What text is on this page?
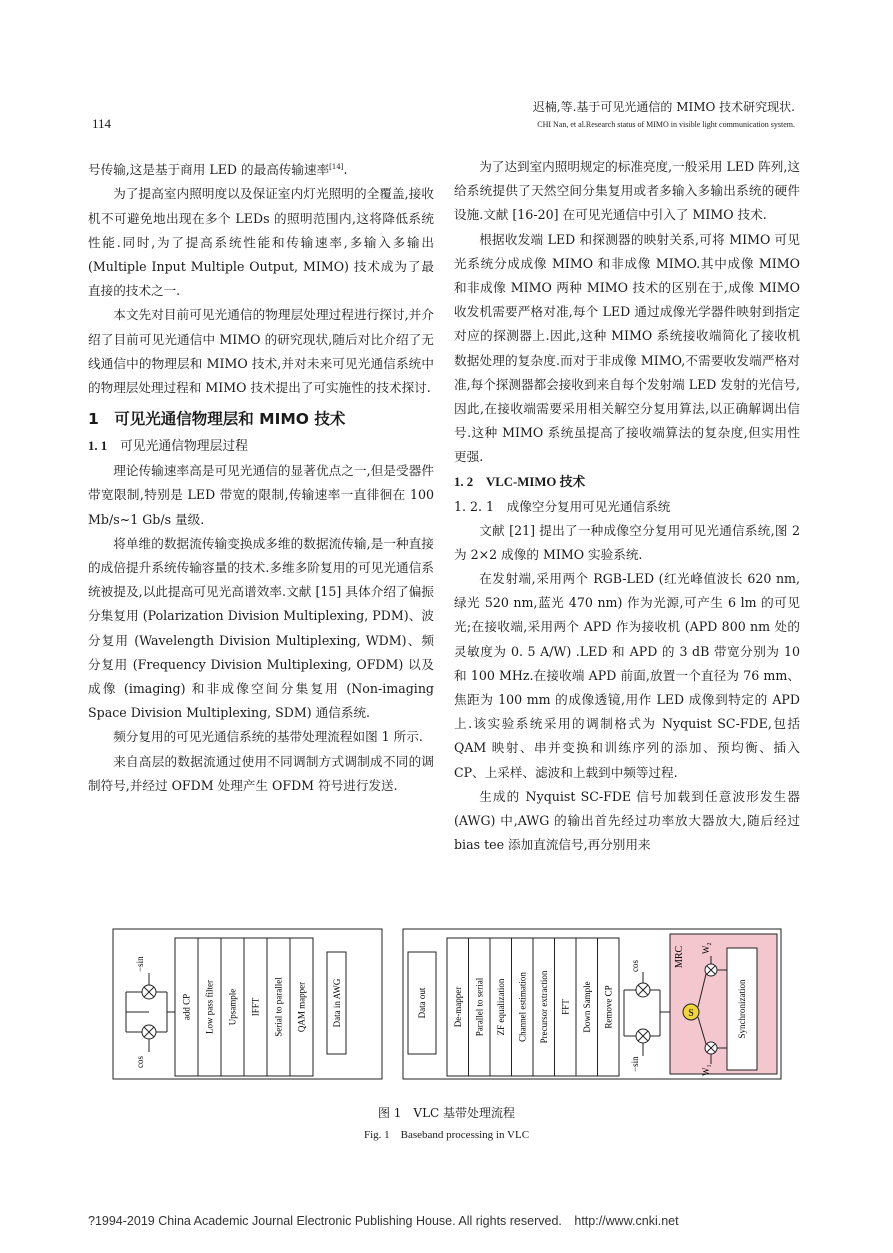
114
迟楠,等.基于可见光通信的 MIMO 技术研究现状.
CHI Nan, et al.Research status of MIMO in visible light communication system.

号传输,这是基于商用 LED 的最高传输速率[14].

为了提高室内照明度以及保证室内灯光照明的全覆盖,接收机不可避免地出现在多个 LEDs 的照明范围内,这将降低系统性能.同时,为了提高系统性能和传输速率,多输入多输出 (Multiple Input Multiple Output, MIMO) 技术成为了最直接的技术之一.

本文先对目前可见光通信的物理层处理过程进行探讨,并介绍了目前可见光通信中 MIMO 的研究现状,随后对比介绍了无线通信中的物理层和 MIMO 技术,并对未来可见光通信系统中的物理层处理过程和 MIMO 技术提出了可实施性的技术探讨.

1　可见光通信物理层和 MIMO 技术
1. 1　 可见光通信物理层过程

理论传输速率高是可见光通信的显著优点之一,但是受器件带宽限制,特别是 LED 带宽的限制,传输速率一直徘徊在 100 Mb/s~1 Gb/s 量级.

将单维的数据流传输变换成多维的数据流传输,是一种直接的成倍提升系统传输容量的技术.多维多阶复用的可见光通信系统被提及,以此提高可见光高谱效率.文献 [15] 具体介绍了偏振分集复用 (Polarization Division Multiplexing, PDM)、波分复用 (Wavelength Division Multiplexing, WDM)、频分复用 (Frequency Division Multiplexing, OFDM) 以及成像 (imaging) 和非成像空间分集复用 (Non-imaging Space Division Multiplexing, SDM) 通信系统.

频分复用的可见光通信系统的基带处理流程如图 1 所示.

来自高层的数据流通过使用不同调制方式调制成不同的调制符号,并经过 OFDM 处理产生 OFDM 符号进行发送.

为了达到室内照明规定的标准亮度,一般采用 LED 阵列,这给系统提供了天然空间分集复用或者多输入多输出系统的硬件设施.文献 [16-20] 在可见光通信中引入了 MIMO 技术.

根据收发端 LED 和探测器的映射关系,可将 MIMO 可见光系统分成成像 MIMO 和非成像 MIMO.其中成像 MIMO 和非成像 MIMO 两种 MIMO 技术的区别在于,成像 MIMO 收发机需要严格对准,每个 LED 通过成像光学器件映射到指定对应的探测器上.因此,这种 MIMO 系统接收端简化了接收机数据处理的复杂度.而对于非成像 MIMO,不需要收发端严格对准,每个探测器都会接收到来自每个发射端 LED 发射的光信号,因此,在接收端需要采用相关解空分复用算法,以正确解调出信号.这种 MIMO 系统虽提高了接收端算法的复杂度,但实用性更强.

1. 2　 VLC-MIMO 技术
1. 2. 1　 成像空分复用可见光通信系统

文献 [21] 提出了一种成像空分复用可见光通信系统,图 2 为 2×2 成像的 MIMO 实验系统.

在发射端,采用两个 RGB-LED (红光峰值波长 620 nm,绿光 520 nm,蓝光 470 nm) 作为光源,可产生 6 lm 的可见光;在接收端,采用两个 APD 作为接收机 (APD 800 nm 处的灵敏度为 0. 5 A/W) .LED 和 APD 的 3 dB 带宽分别为 10 和 100 MHz.在接收端 APD 前面,放置一个直径为 76 mm、焦距为 100 mm 的成像透镜,用作 LED 成像到特定的 APD 上.该实验系统采用的调制格式为 Nyquist SC-FDE,包括 QAM 映射、串并变换和训练序列的添加、预均衡、插入 CP、上采样、滤波和上载到中频等过程.

生成的 Nyquist SC-FDE 信号加载到任意波形发生器 (AWG) 中,AWG 的输出首先经过功率放大器放大,随后经过 bias tee 添加直流信号,再分别用来

−sin
cos
add CP Low pass filter Upsample IFFT Serial to parallel QAM mapper	Data in AWG	Data out	De-mapper Parallel to serial ZF equalization Channel estimation Precursor extraction FFT Down Sample Remove CP
cos
−sin
MRC
S
$W_2$
$W_1$
Synchronization
图 1　VLC 基带处理流程
Fig. 1　Baseband processing in VLC
?1994-2019 China Academic Journal Electronic Publishing House. All rights reserved.　http://www.cnki.net
